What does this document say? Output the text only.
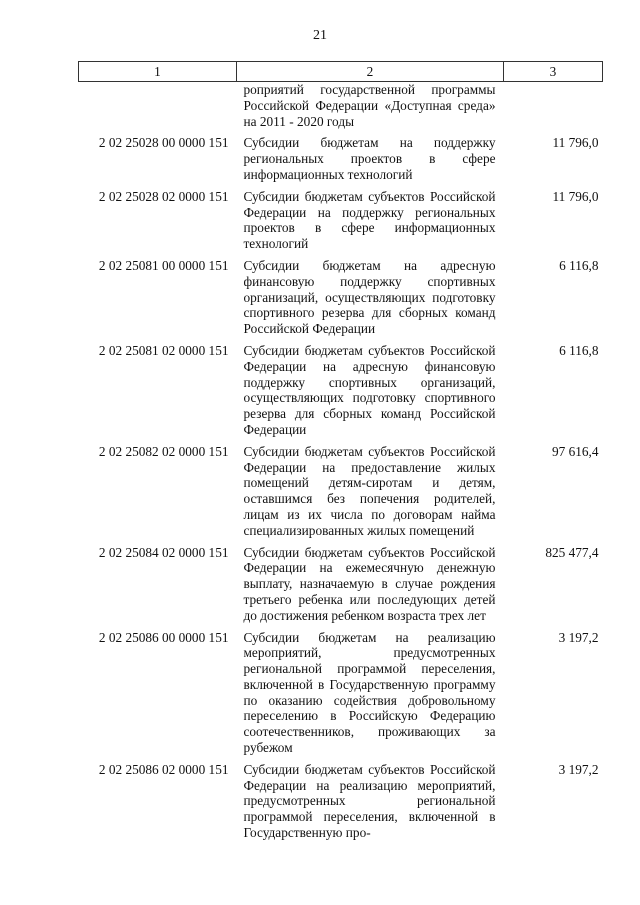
21
1	2	3
	роприятий государственной программы Российской Федерации «Доступная среда» на 2011 - 2020 годы	
2 02 25028 00 0000 151	Субсидии бюджетам на поддержку региональных проектов в сфере информационных технологий	11 796,0
2 02 25028 02 0000 151	Субсидии бюджетам субъектов Российской Федерации на поддержку региональных проектов в сфере информационных технологий	11 796,0
2 02 25081 00 0000 151	Субсидии бюджетам на адресную финансовую поддержку спортивных организаций, осуществляющих подготовку спортивного резерва для сборных команд Российской Федерации	6 116,8
2 02 25081 02 0000 151	Субсидии бюджетам субъектов Российской Федерации на адресную финансовую поддержку спортивных организаций, осуществляющих подготовку спортивного резерва для сборных команд Российской Федерации	6 116,8
2 02 25082 02 0000 151	Субсидии бюджетам субъектов Российской Федерации на предоставление жилых помещений детям-сиротам и детям, оставшимся без попечения родителей, лицам из их числа по договорам найма специализированных жилых помещений	97 616,4
2 02 25084 02 0000 151	Субсидии бюджетам субъектов Российской Федерации на ежемесячную денежную выплату, назначаемую в случае рождения третьего ребенка или последующих детей до достижения ребенком возраста трех лет	825 477,4
2 02 25086 00 0000 151	Субсидии бюджетам на реализацию мероприятий, предусмотренных региональной программой переселения, включенной в Государственную программу по оказанию содействия добровольному переселению в Российскую Федерацию соотечественников, проживающих за рубежом	3 197,2
2 02 25086 02 0000 151	Субсидии бюджетам субъектов Российской Федерации на реализацию мероприятий, предусмотренных региональной программой переселения, включенной в Государственную про-	3 197,2
